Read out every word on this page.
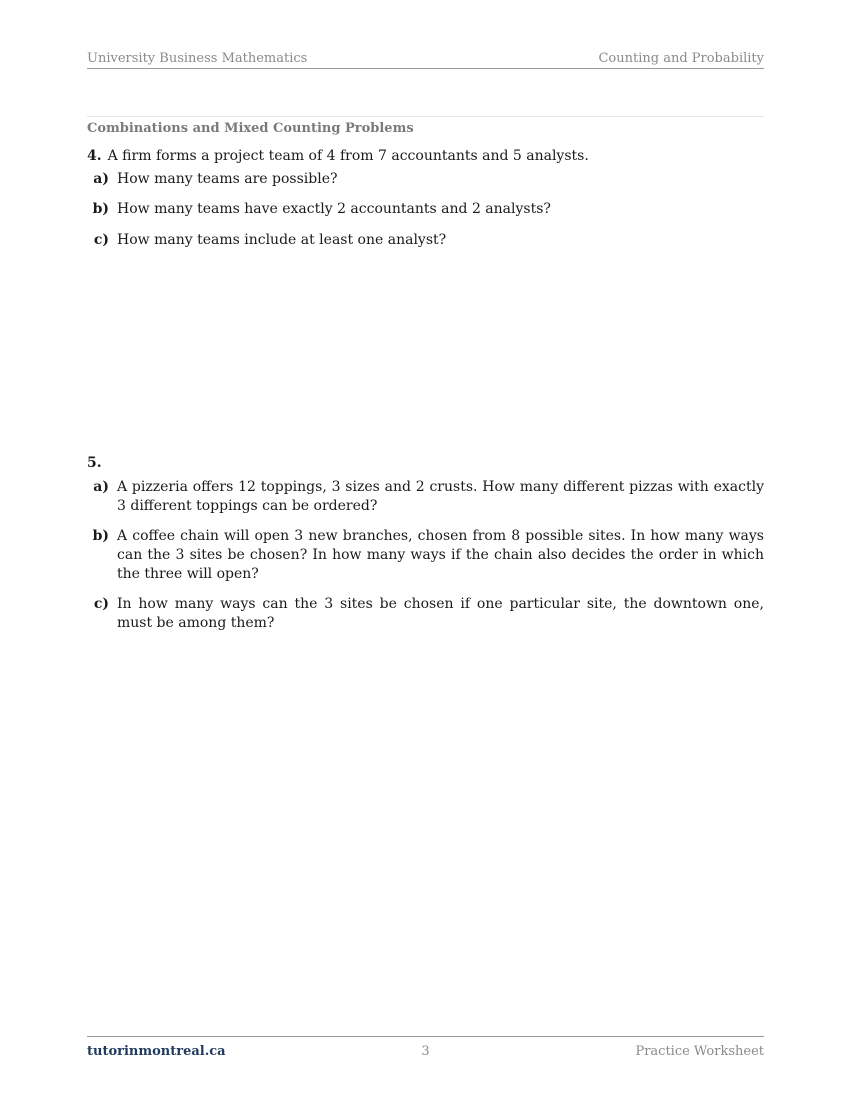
University Business Mathematics	Counting and Probability
Combinations and Mixed Counting Problems
4. A firm forms a project team of 4 from 7 accountants and 5 analysts.
a) How many teams are possible?
b) How many teams have exactly 2 accountants and 2 analysts?
c) How many teams include at least one analyst?
5.
a) A pizzeria offers 12 toppings, 3 sizes and 2 crusts. How many different pizzas with exactly 3 different toppings can be ordered?
b) A coffee chain will open 3 new branches, chosen from 8 possible sites. In how many ways can the 3 sites be chosen? In how many ways if the chain also decides the order in which the three will open?
c) In how many ways can the 3 sites be chosen if one particular site, the downtown one, must be among them?
tutorinmontreal.ca	3	Practice Worksheet
